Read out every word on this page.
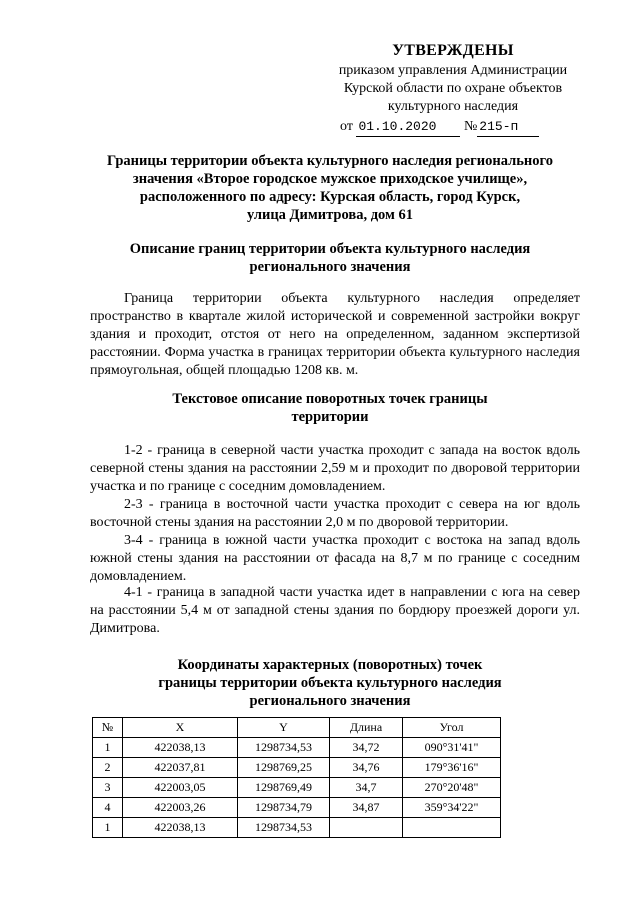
УТВЕРЖДЕНЫ
приказом управления Администрации
Курской области по охране объектов
культурного наследия
от 01.10.2020 № 215-п
Границы территории объекта культурного наследия регионального
значения «Второе городское мужское приходское училище»,
расположенного по адресу: Курская область, город Курск,
улица Димитрова, дом 61
Описание границ территории объекта культурного наследия
регионального значения
Граница территории объекта культурного наследия определяет пространство в квартале жилой исторической и современной застройки вокруг здания и проходит, отстоя от него на определенном, заданном экспертизой расстоянии. Форма участка в границах территории объекта культурного наследия прямоугольная, общей площадью 1208 кв. м.
Текстовое описание поворотных точек границы
территории
1-2 - граница в северной части участка проходит с запада на восток вдоль северной стены здания на расстоянии 2,59 м и проходит по дворовой территории участка и по границе с соседним домовладением.
2-3 - граница в восточной части участка проходит с севера на юг вдоль восточной стены здания на расстоянии 2,0 м по дворовой территории.
3-4 - граница в южной части участка проходит с востока на запад вдоль южной стены здания на расстоянии от фасада на 8,7 м по границе с соседним домовладением.
4-1 - граница в западной части участка идет в направлении с юга на север на расстоянии 5,4 м от западной стены здания по бордюру проезжей дороги ул. Димитрова.
Координаты характерных (поворотных) точек
границы территории объекта культурного наследия
регионального значения
№	X	Y	Длина	Угол
1	422038,13	1298734,53	34,72	090°31'41"
2	422037,81	1298769,25	34,76	179°36'16"
3	422003,05	1298769,49	34,7	270°20'48"
4	422003,26	1298734,79	34,87	359°34'22"
1	422038,13	1298734,53		
